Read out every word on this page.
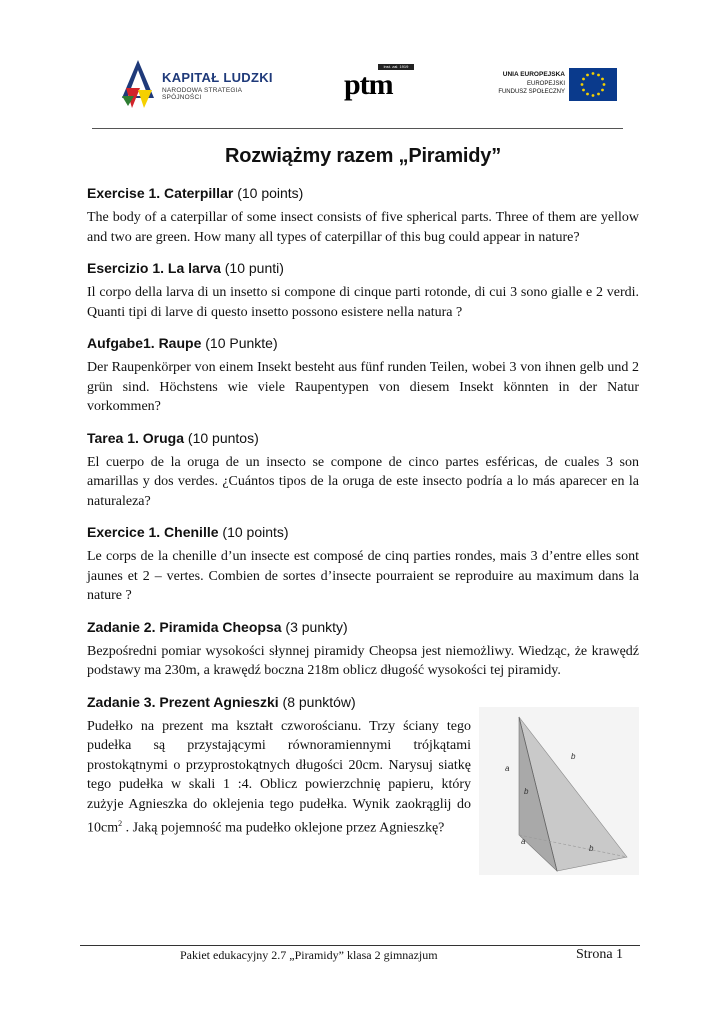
KAPITAŁ LUDZKI
NARODOWA STRATEGIA SPÓJNOŚCI
inst. zał. 1919
ptm	UNIA EUROPEJSKA
EUROPEJSKI
FUNDUSZ SPOŁECZNY
Rozwiążmy razem „Piramidy”

Exercise 1. Caterpillar (10 points)

The body of a caterpillar of some insect consists of five spherical parts. Three of them are yellow and two are green. How many all types of caterpillar of this bug could appear in nature?

Esercizio 1. La larva (10 punti)

Il corpo della larva di un insetto si compone di cinque parti rotonde, di cui 3 sono gialle e 2 verdi. Quanti tipi di larve di questo insetto possono esistere nella natura ?

Aufgabe1. Raupe (10 Punkte)

Der Raupenkörper von einem Insekt besteht aus fünf runden Teilen, wobei 3 von ihnen gelb und 2 grün sind. Höchstens wie viele Raupentypen von diesem Insekt könnten in der Natur vorkommen?

Tarea 1. Oruga (10 puntos)

El cuerpo de la oruga de un insecto se compone de cinco partes esféricas, de cuales 3 son amarillas y dos verdes. ¿Cuántos tipos de la oruga de este insecto podría a lo más aparecer en la naturaleza?

Exercice 1. Chenille (10 points)

Le corps de la chenille d’un insecte est composé de cinq parties rondes, mais 3 d’entre elles sont jaunes et 2 – vertes. Combien de sortes d’insecte pourraient se reproduire au maximum dans la nature ?

Zadanie 2. Piramida Cheopsa (3 punkty)

Bezpośredni pomiar wysokości słynnej piramidy Cheopsa jest niemożliwy. Wiedząc, że krawędź podstawy ma 230m, a krawędź boczna 218m oblicz długość wysokości tej piramidy.

Zadanie 3. Prezent Agnieszki (8 punktów)

Pudełko na prezent ma kształt czworościanu. Trzy ściany tego pudełka są przystającymi równoramiennymi trójkątami prostokątnymi o przyprostokątnych długości 20cm. Narysuj siatkę tego pudełka w skali 1 :4. Oblicz powierzchnię papieru, który zużyje Agnieszka do oklejenia tego pudełka. Wynik zaokrąglij do $10cm^2$ . Jaką pojemność ma pudełko oklejone przez Agnieszkę?

a
b
b
a
b
Pakiet edukacyjny 2.7 „Piramidy” klasa 2 gimnazjum	Strona 1
